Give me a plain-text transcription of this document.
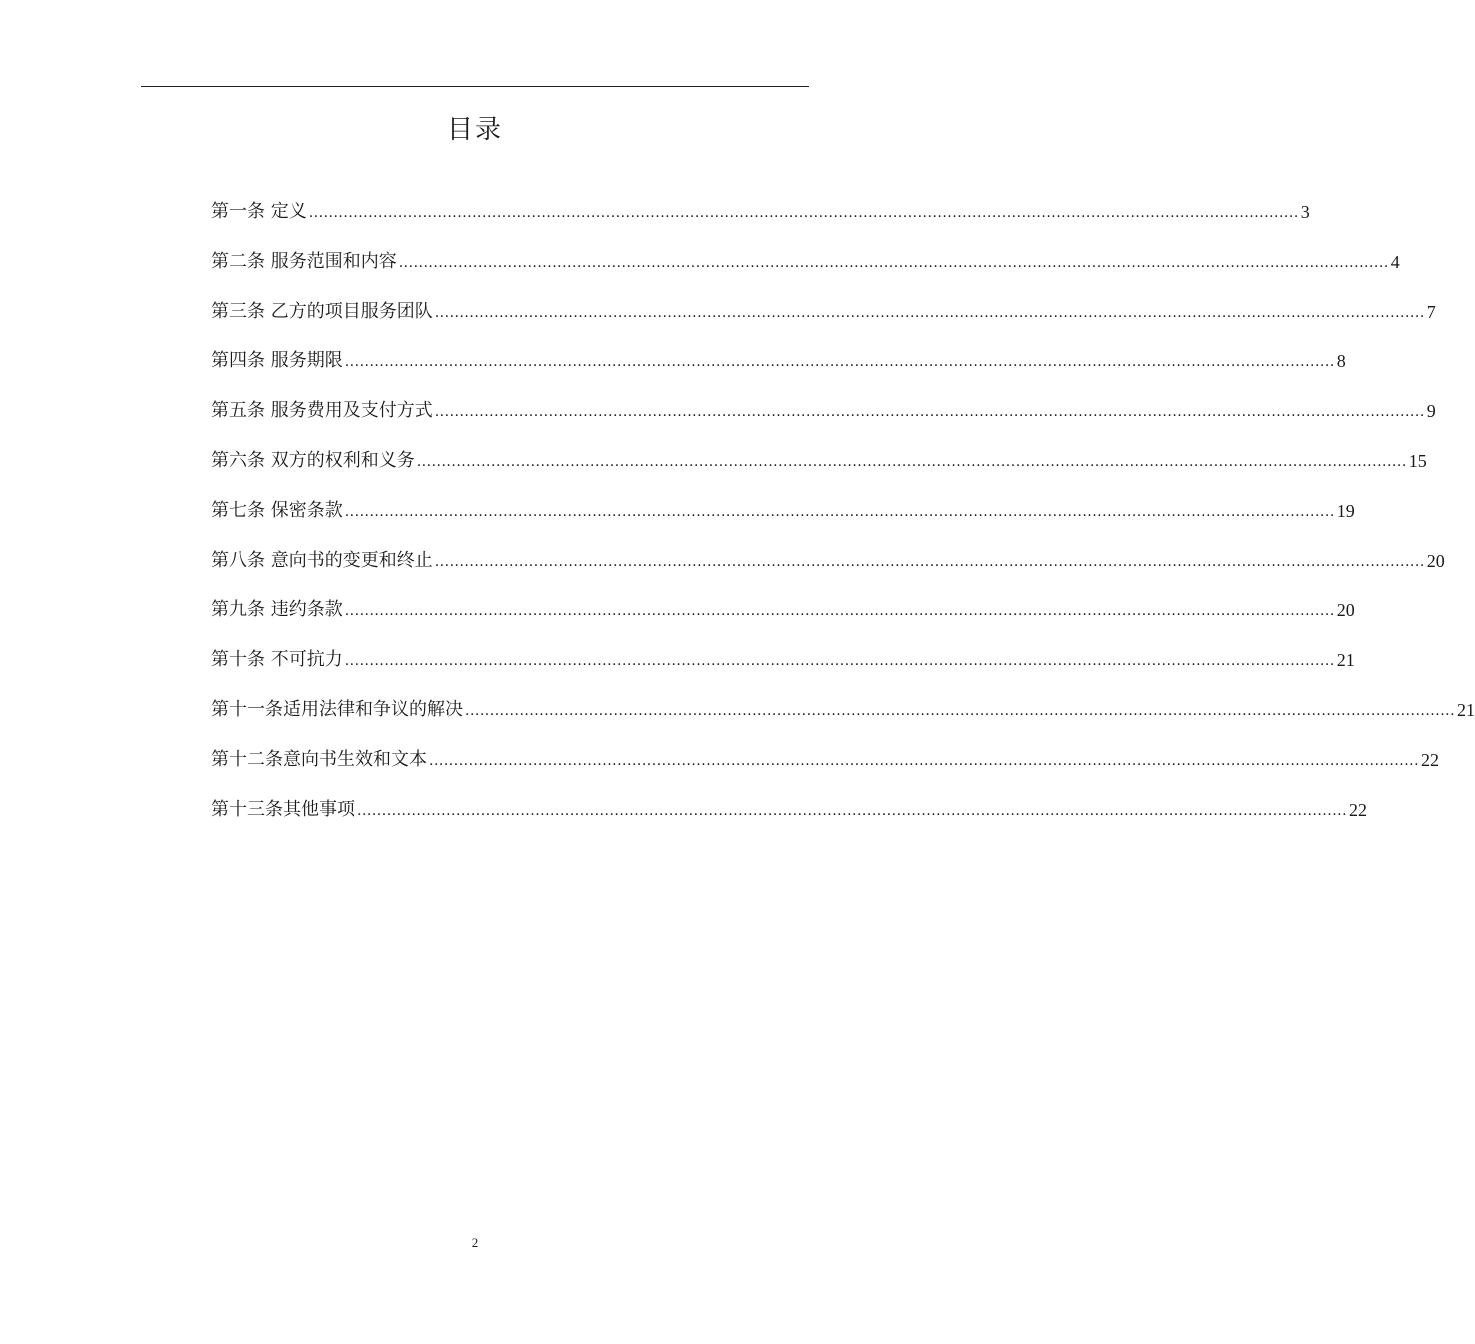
目录
第一条 定义 ........................................................................................................................................................................................................ 3
第二条 服务范围和内容 ........................................................................................................................................................................................................ 4
第三条 乙方的项目服务团队 ........................................................................................................................................................................................................ 7
第四条 服务期限 ........................................................................................................................................................................................................ 8
第五条 服务费用及支付方式 ........................................................................................................................................................................................................ 9
第六条 双方的权利和义务 ........................................................................................................................................................................................................ 15
第七条 保密条款 ........................................................................................................................................................................................................ 19
第八条 意向书的变更和终止 ........................................................................................................................................................................................................ 20
第九条 违约条款 ........................................................................................................................................................................................................ 20
第十条 不可抗力 ........................................................................................................................................................................................................ 21
第十一条适用法律和争议的解决 ........................................................................................................................................................................................................ 21
第十二条意向书生效和文本 ........................................................................................................................................................................................................ 22
第十三条其他事项 ........................................................................................................................................................................................................ 22
2
